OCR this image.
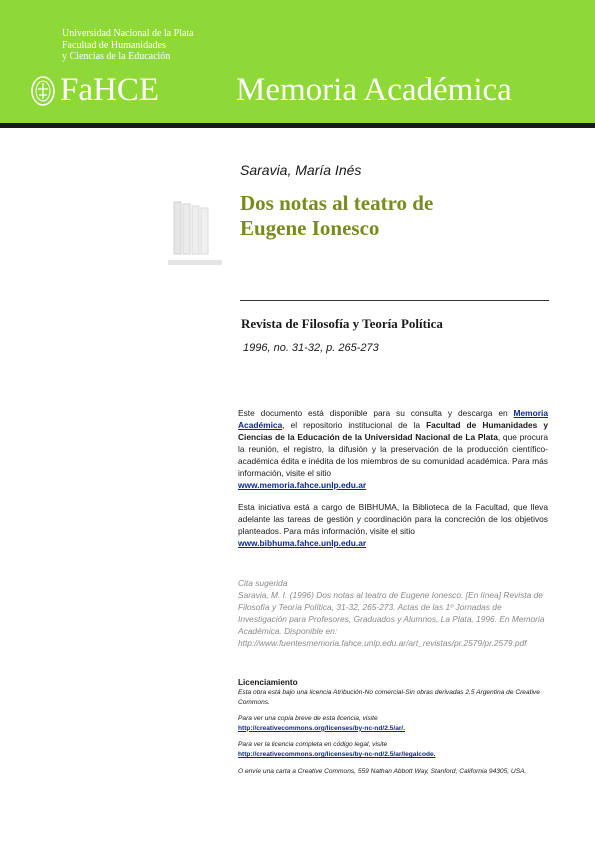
Universidad Nacional de la Plata
Facultad de Humanidades
y Ciencias de la Educación
FaHCE Memoria Académica
Saravia, María Inés
Dos notas al teatro de
Eugene Ionesco
Revista de Filosofía y Teoría Política
1996, no. 31-32, p. 265-273

Este documento está disponible para su consulta y descarga en Memoria Académica, el repositorio institucional de la Facultad de Humanidades y Ciencias de la Educación de la Universidad Nacional de La Plata, que procura la reunión, el registro, la difusión y la preservación de la producción científico-académica édita e inédita de los miembros de su comunidad académica. Para más información, visite el sitio
www.memoria.fahce.unlp.edu.ar

Esta iniciativa está a cargo de BIBHUMA, la Biblioteca de la Facultad, que lleva adelante las tareas de gestión y coordinación para la concreción de los objetivos planteados. Para más información, visite el sitio
www.bibhuma.fahce.unlp.edu.ar

Cita sugerida

Saravia, M. I. (1996) Dos notas al teatro de Eugene Ionesco. [En línea] Revista de Filosofía y Teoría Política, 31-32, 265-273. Actas de las 1º Jornadas de Investigación para Profesores, Graduados y Alumnos, La Plata, 1996. En Memoria Académica. Disponible en: http://www.fuentesmemoria.fahce.unlp.edu.ar/art_revistas/pr.2579/pr.2579.pdf

Licenciamiento

Esta obra está bajo una licencia Atribución-No comercial-Sin obras derivadas 2.5 Argentina de Creative Commons.

Para ver una copia breve de esta licencia, visite

http://creativecommons.org/licenses/by-nc-nd/2.5/ar/.

Para ver la licencia completa en código legal, visite

http://creativecommons.org/licenses/by-nc-nd/2.5/ar/legalcode.

O envíe una carta a Creative Commons, 559 Nathan Abbott Way, Stanford, California 94305, USA.
